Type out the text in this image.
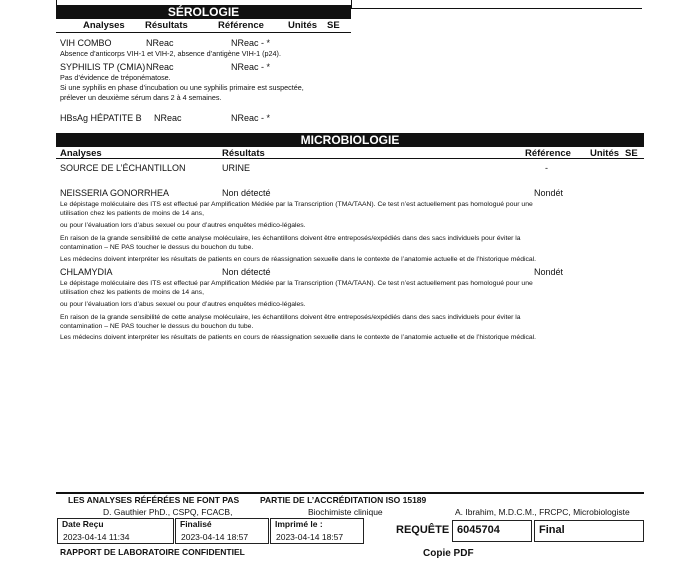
SÉROLOGIE
Analyses Résultats	Référence	Unités SE
VIH COMBO	NReac	NReac - *
Absence d’anticorps VIH-1 et VIH-2, absence d’antigène VIH-1 (p24).
SYPHILIS TP (CMIA) NReac	NReac - *
Pas d’évidence de tréponématose.
Si une syphilis en phase d’incubation ou une syphilis primaire est suspectée,
prélever un deuxième sérum dans 2 à 4 semaines.
HBsAg HÉPATITE B NReac	NReac - *
MICROBIOLOGIE
Analyses	Résultats	Référence Unités SE
SOURCE DE L’ÉCHANTILLON	URINE	-
NEISSERIA GONORRHEA	Non détecté	Nondét
Le dépistage moléculaire des ITS est effectué par Amplification Médiée par la Transcription (TMA/TAAN). Ce test n’est actuellement pas homologué pour une
utilisation chez les patients de moins de 14 ans,
ou pour l’évaluation lors d’abus sexuel ou pour d’autres enquêtes médico-légales.
En raison de la grande sensibilité de cette analyse moléculaire, les échantillons doivent être entreposés/expédiés dans des sacs individuels pour éviter la
contamination – NE PAS toucher le dessus du bouchon du tube.
Les médecins doivent interpréter les résultats de patients en cours de réassignation sexuelle dans le contexte de l’anatomie actuelle et de l’historique médical.
CHLAMYDIA	Non détecté	Nondét
Le dépistage moléculaire des ITS est effectué par Amplification Médiée par la Transcription (TMA/TAAN). Ce test n’est actuellement pas homologué pour une
utilisation chez les patients de moins de 14 ans,
ou pour l’évaluation lors d’abus sexuel ou pour d’autres enquêtes médico-légales.
En raison de la grande sensibilité de cette analyse moléculaire, les échantillons doivent être entreposés/expédiés dans des sacs individuels pour éviter la
contamination – NE PAS toucher le dessus du bouchon du tube.
Les médecins doivent interpréter les résultats de patients en cours de réassignation sexuelle dans le contexte de l’anatomie actuelle et de l’historique médical.
LES ANALYSES RÉFÉRÉES NE FONT PAS PARTIE DE L’ACCRÉDITATION ISO 15189
D. Gauthier PhD., CSPQ, FCACB,	Biochimiste clinique	A. Ibrahim, M.D.C.M., FRCPC, Microbiologiste
Date Reçu
2023-04-14 11:34
Finalisé
2023-04-14 18:57
Imprimé le :
2023-04-14 18:57
REQUÊTE 6045704	Final
RAPPORT DE LABORATOIRE CONFIDENTIEL	Copie PDF
